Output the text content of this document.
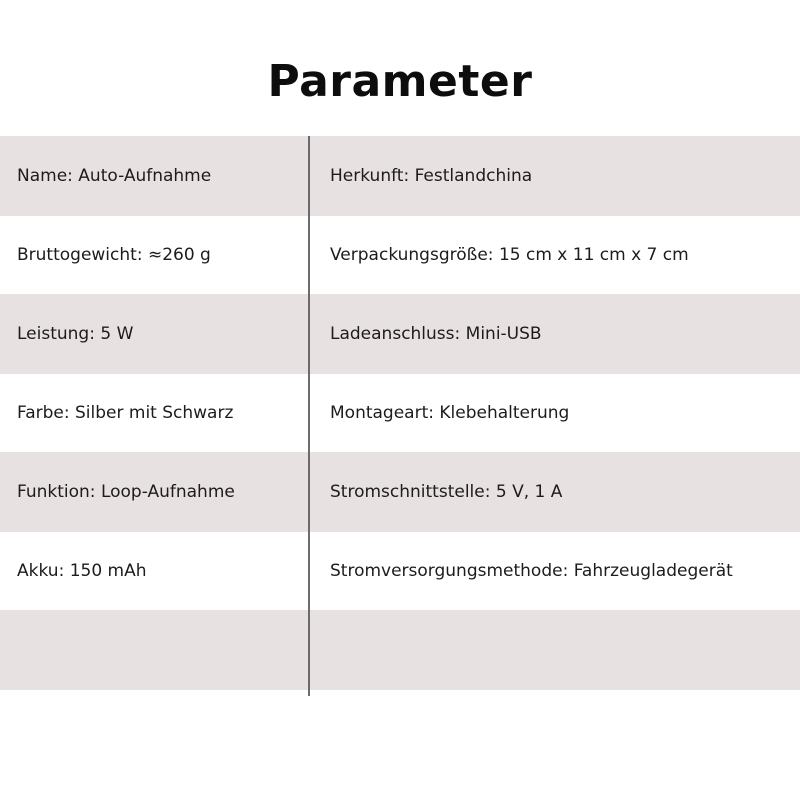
Parameter
Name: Auto-Aufnahme	Herkunft: Festlandchina
Bruttogewicht: ≈260 g	Verpackungsgröße: 15 cm x 11 cm x 7 cm
Leistung: 5 W	Ladeanschluss: Mini-USB
Farbe: Silber mit Schwarz	Montageart: Klebehalterung
Funktion: Loop-Aufnahme	Stromschnittstelle: 5 V, 1 A
Akku: 150 mAh	Stromversorgungsmethode: Fahrzeugladegerät
